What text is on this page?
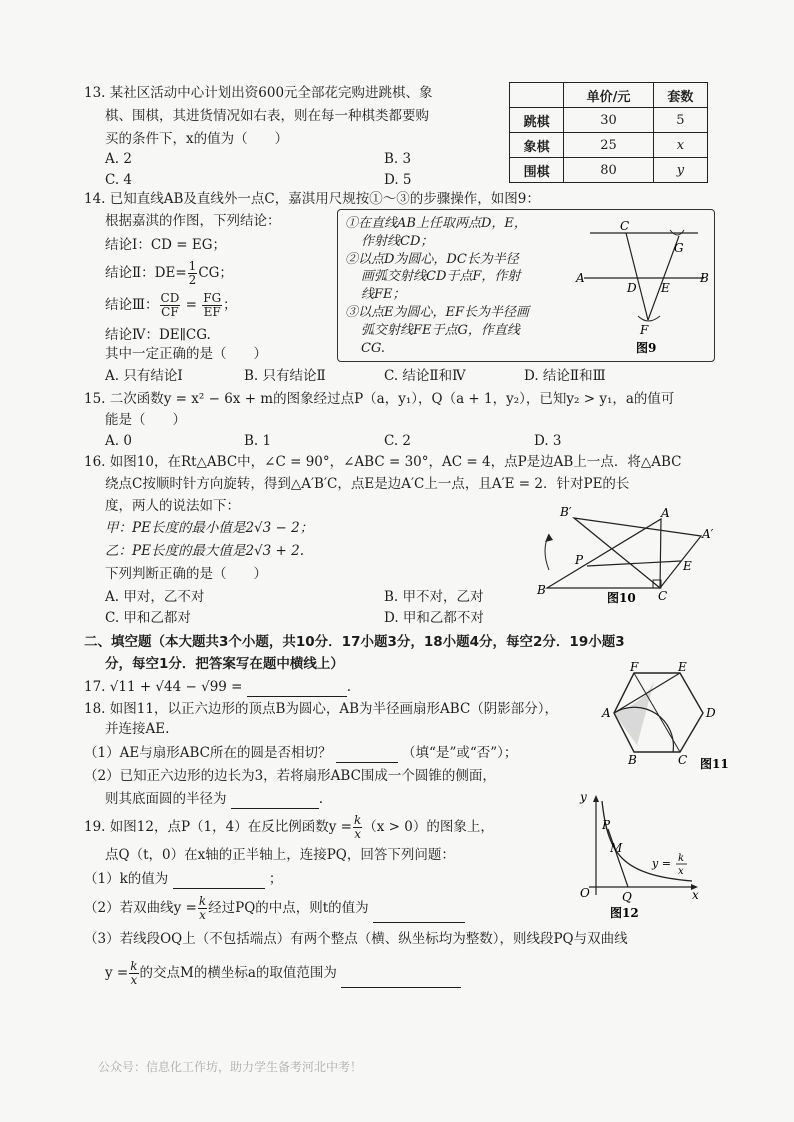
13. 某社区活动中心计划出资600元全部花完购进跳棋、象
棋、围棋，其进货情况如右表，则在每一种棋类都要购
买的条件下，x的值为（　　）
A. 2	B. 3
C. 4	D. 5
	单价/元	套数
跳棋	30	5
象棋	25	x
围棋	80	y
14. 已知直线AB及直线外一点C，嘉淇用尺规按①～③的步骤操作，如图9：
根据嘉淇的作图，下列结论：
结论Ⅰ：CD = EG；
结论Ⅱ：$DE= \frac{1}{2}$ CG；
结论Ⅲ： $\frac{CD}{CF} = \frac{FG}{EF}$ ；
结论Ⅳ：DE∥CG.
其中一定正确的是（　　）
A. 只有结论Ⅰ	B. 只有结论Ⅱ	C. 结论Ⅱ和Ⅳ	D. 结论Ⅱ和Ⅲ
①在直线AB上任取两点D，E，
作射线CD；
②以点D为圆心，DC长为半径
画弧交射线CD于点F，作射
线FE；
③以点E为圆心，EF长为半径画
弧交射线FE于点G，作直线
CG.
C
G
A	B
D E
F
图9
15. 二次函数y = x² − 6x + m的图象经过点P（a，y₁），Q（a + 1，y₂），已知y₂ > y₁，a的值可
能是（　　）
A. 0	B. 1	C. 2	D. 3
16. 如图10，在Rt△ABC中，∠C = 90°，∠ABC = 30°，AC = 4，点P是边AB上一点．将△ABC
绕点C按顺时针方向旋转，得到△A′B′C，点E是边A′C上一点，且A′E = 2．针对PE的长
度，两人的说法如下：
甲：PE长度的最小值是2√3 − 2；
乙：PE长度的最大值是2√3 + 2.
下列判断正确的是（　　）
A. 甲对，乙不对	B. 甲不对，乙对
C. 甲和乙都对	D. 甲和乙都不对
B′	A
A′
P	E
B	C
图10
二、填空题（本大题共3个小题，共10分．17小题3分，18小题4分，每空2分．19小题3
分，每空1分．把答案写在题中横线上）
17. √11 + √44 − √99 =	.
18. 如图11，以正六边形的顶点B为圆心，AB为半径画扇形ABC（阴影部分），
并连接AE.
（1）AE与扇形ABC所在的圆是否相切？	（填“是”或“否”）；
（2）已知正六边形的边长为3，若将扇形ABC围成一个圆锥的侧面，
则其底面圆的半径为	.
F	E
A	D
B	C 图11
19. 如图12，点P（1，4）在反比例函数$y = \frac{k}{x} (x > 0)$的图象上，
点Q（t，0）在x轴的正半轴上，连接PQ，回答下列问题：
（1）k的值为	；
（2）若双曲线$y = \frac{k}{x}$ 经过PQ的中点，则t的值为
（3）若线段OQ上（不包括端点）有两个整点（横、纵坐标均为整数），则线段PQ与双曲线
$y = \frac{k}{x}$ 的交点M的横坐标a的取值范围为
y
x
O
P
M
Q
y = k
x
图12
公众号：信息化工作坊，助力学生备考河北中考！
